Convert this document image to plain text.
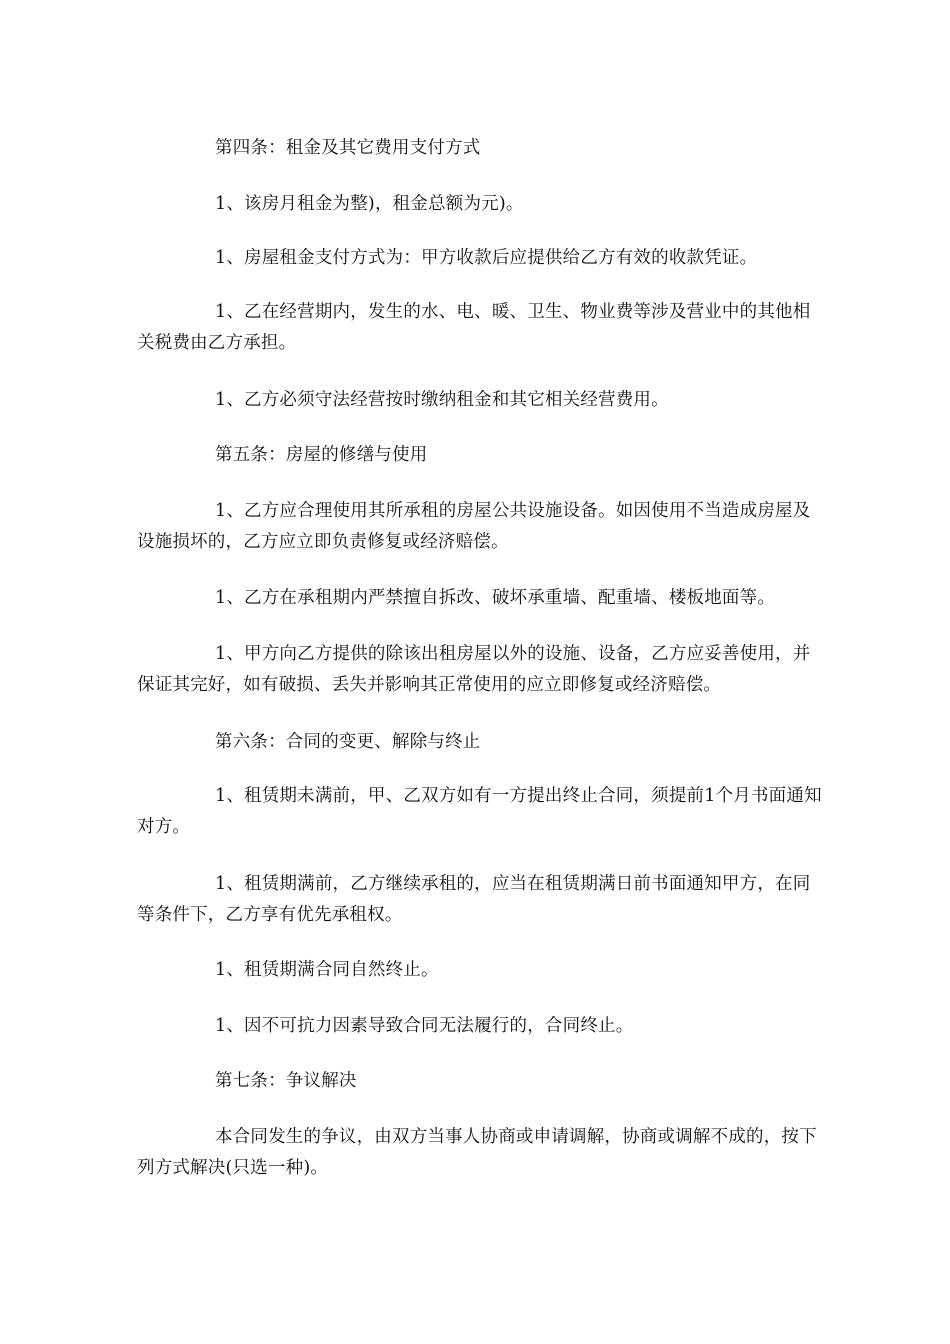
第四条：租金及其它费用支付方式

1、该房月租金为整)，租金总额为元)。

1、房屋租金支付方式为：甲方收款后应提供给乙方有效的收款凭证。

1、乙在经营期内，发生的水、电、暖、卫生、物业费等涉及营业中的其他相关税费由乙方承担。

1、乙方必须守法经营按时缴纳租金和其它相关经营费用。

第五条：房屋的修缮与使用

1、乙方应合理使用其所承租的房屋公共设施设备。如因使用不当造成房屋及设施损坏的，乙方应立即负责修复或经济赔偿。

1、乙方在承租期内严禁擅自拆改、破坏承重墙、配重墙、楼板地面等。

1、甲方向乙方提供的除该出租房屋以外的设施、设备，乙方应妥善使用，并保证其完好，如有破损、丢失并影响其正常使用的应立即修复或经济赔偿。

第六条：合同的变更、解除与终止

1、租赁期未满前，甲、乙双方如有一方提出终止合同，须提前1个月书面通知对方。

1、租赁期满前，乙方继续承租的，应当在租赁期满日前书面通知甲方，在同等条件下，乙方享有优先承租权。

1、租赁期满合同自然终止。

1、因不可抗力因素导致合同无法履行的，合同终止。

第七条：争议解决

本合同发生的争议，由双方当事人协商或申请调解，协商或调解不成的，按下列方式解决(只选一种)。
